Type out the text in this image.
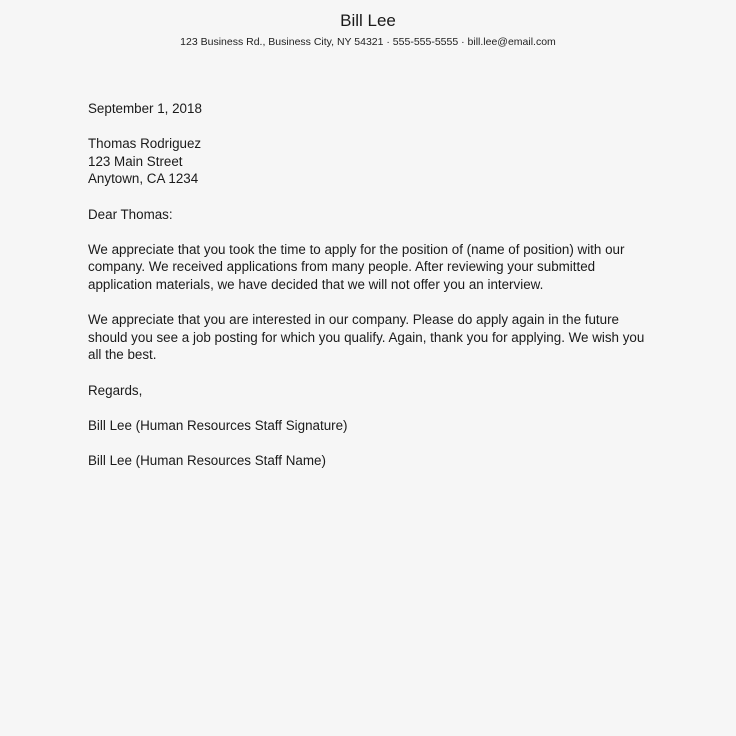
Bill Lee
123 Business Rd., Business City, NY 54321 · 555-555-5555 · bill.lee@email.com
September 1, 2018
Thomas Rodriguez
123 Main Street
Anytown, CA 1234
Dear Thomas:

We appreciate that you took the time to apply for the position of (name of position) with our
company. We received applications from many people. After reviewing your submitted
application materials, we have decided that we will not offer you an interview.

We appreciate that you are interested in our company. Please do apply again in the future
should you see a job posting for which you qualify. Again, thank you for applying. We wish you
all the best.

Regards,
Bill Lee (Human Resources Staff Signature)
Bill Lee (Human Resources Staff Name)
